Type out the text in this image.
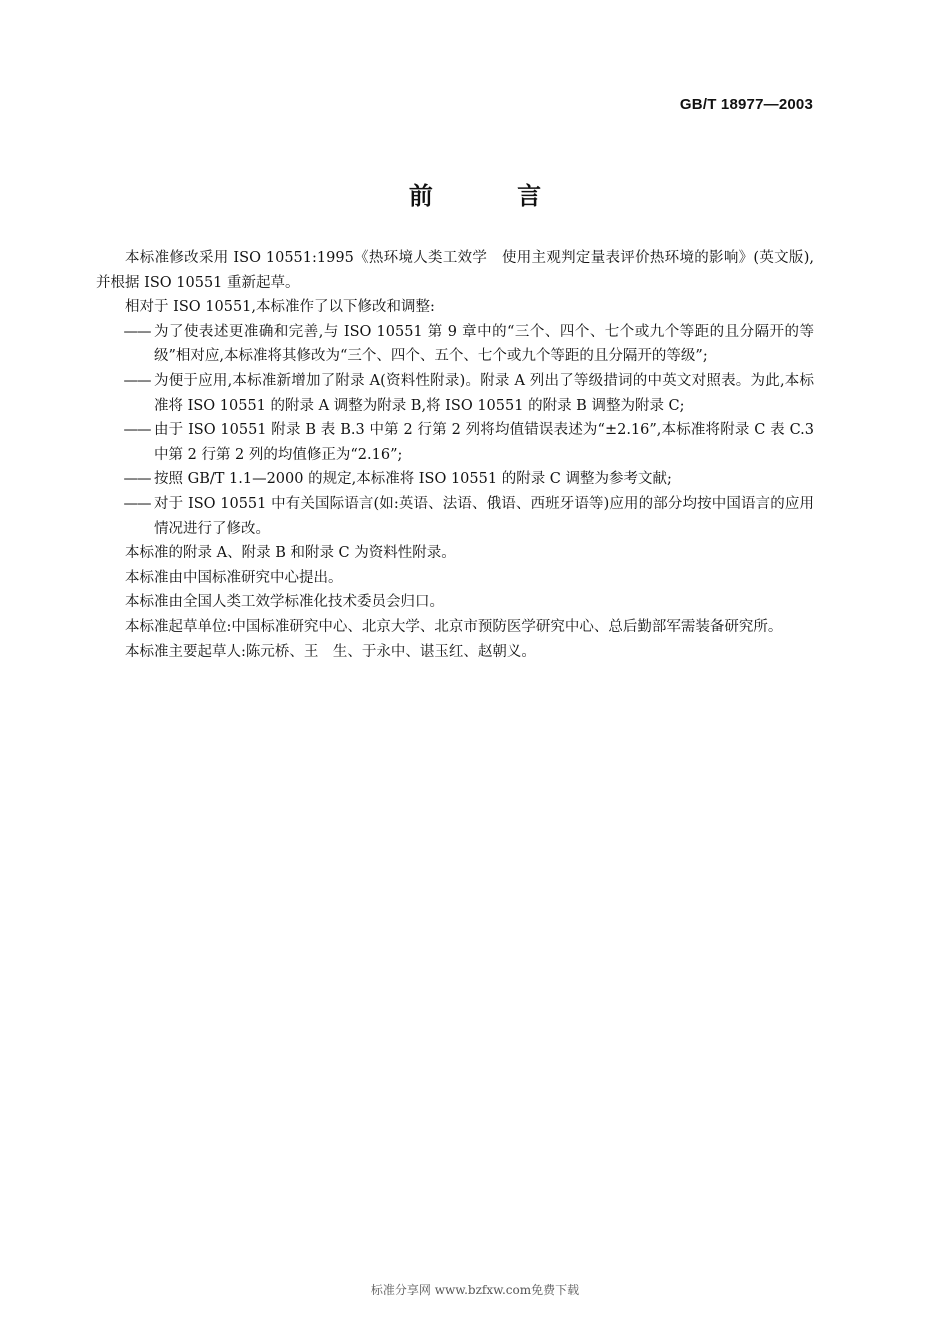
GB/T 18977—2003
前 言

本标准修改采用 ISO 10551:1995《热环境人类工效学　使用主观判定量表评价热环境的影响》(英文版),并根据 ISO 10551 重新起草。

相对于 ISO 10551,本标准作了以下修改和调整:

—— 为了使表述更准确和完善,与 ISO 10551 第 9 章中的“三个、四个、七个或九个等距的且分隔开的等级”相对应,本标准将其修改为“三个、四个、五个、七个或九个等距的且分隔开的等级”;

—— 为便于应用,本标准新增加了附录 A(资料性附录)。附录 A 列出了等级措词的中英文对照表。为此,本标准将 ISO 10551 的附录 A 调整为附录 B,将 ISO 10551 的附录 B 调整为附录 C;

—— 由于 ISO 10551 附录 B 表 B.3 中第 2 行第 2 列将均值错误表述为“±2.16”,本标准将附录 C 表 C.3 中第 2 行第 2 列的均值修正为“2.16”;

—— 按照 GB/T 1.1—2000 的规定,本标准将 ISO 10551 的附录 C 调整为参考文献;

—— 对于 ISO 10551 中有关国际语言(如:英语、法语、俄语、西班牙语等)应用的部分均按中国语言的应用情况进行了修改。

本标准的附录 A、附录 B 和附录 C 为资料性附录。

本标准由中国标准研究中心提出。

本标准由全国人类工效学标准化技术委员会归口。

本标准起草单位:中国标准研究中心、北京大学、北京市预防医学研究中心、总后勤部军需装备研究所。

本标准主要起草人:陈元桥、王　生、于永中、谌玉红、赵朝义。

标准分享网 www.bzfxw.com免费下载
